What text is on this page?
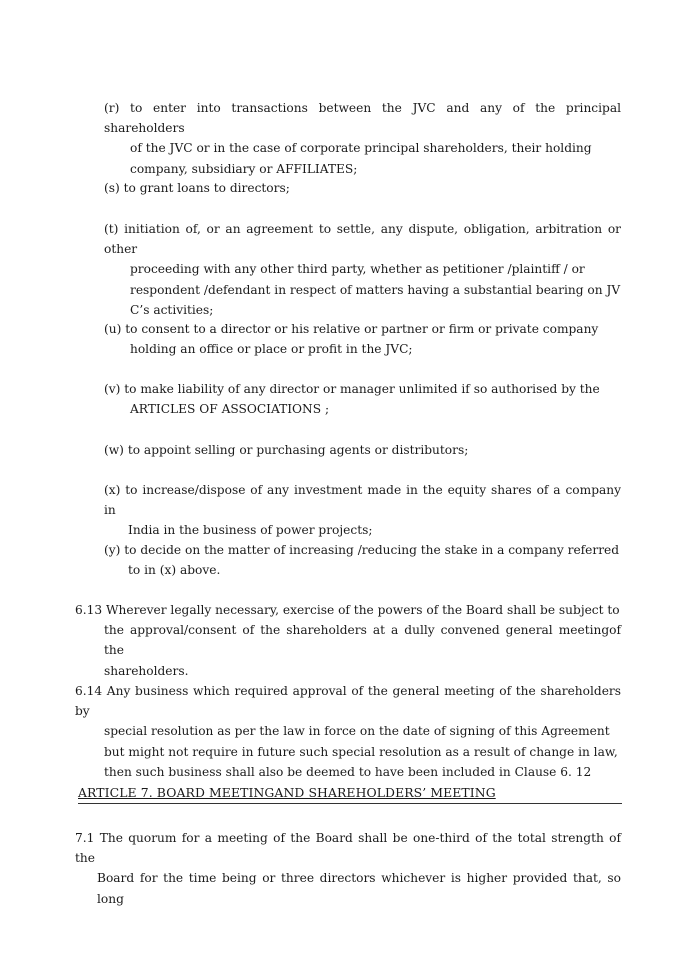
(r) to enter into transactions between the JVC and any of the principal shareholders
of the JVC or in the case of corporate principal shareholders, their holding
company, subsidiary or AFFILIATES;
(s) to grant loans to directors;
(t) initiation of, or an agreement to settle, any dispute, obligation, arbitration or other
proceeding with any other third party, whether as petitioner /plaintiff / or
respondent /defendant in respect of matters having a substantial bearing on JV
C’s activities;
(u) to consent to a director or his relative or partner or firm or private company
holding an office or place or profit in the JVC;
(v) to make liability of any director or manager unlimited if so authorised by the
ARTICLES OF ASSOCIATIONS ;
(w) to appoint selling or purchasing agents or distributors;
(x) to increase/dispose of any investment made in the equity shares of a company in
India in the business of power projects;
(y) to decide on the matter of increasing /reducing the stake in a company referred
to in (x) above.
6.13 Wherever legally necessary, exercise of the powers of the Board shall be subject to
the approval/consent of the shareholders at a dully convened general meetingof the
shareholders.
6.14 Any business which required approval of the general meeting of the shareholders by
special resolution as per the law in force on the date of signing of this Agreement
but might not require in future such special resolution as a result of change in law,
then such business shall also be deemed to have been included in Clause 6. 12
ARTICLE 7. BOARD MEETINGAND SHAREHOLDERS’ MEETING
7.1 The quorum for a meeting of the Board shall be one-third of the total strength of the
Board for the time being or three directors whichever is higher provided that, so long
